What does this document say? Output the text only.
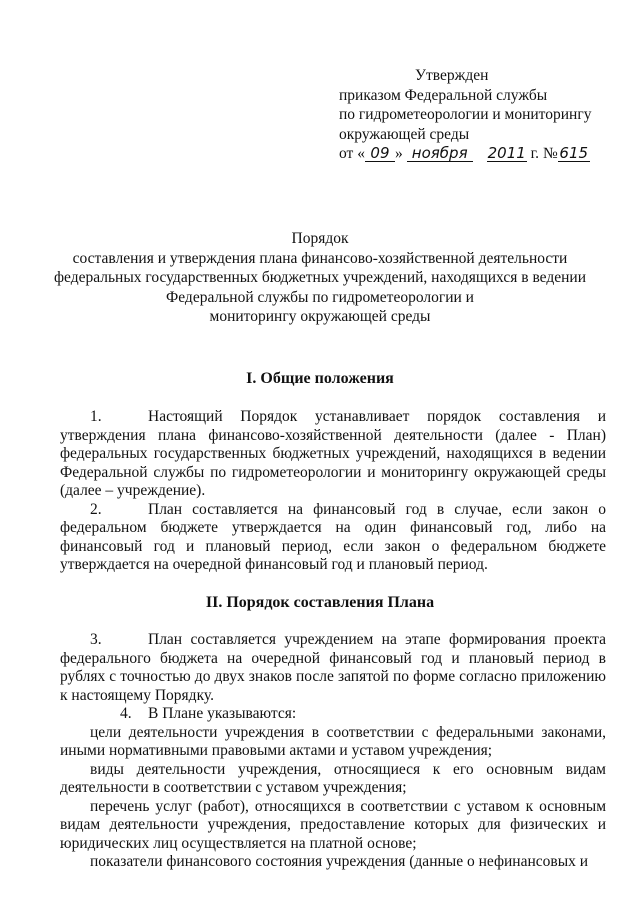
Утвержден
приказом Федеральной службы
по гидрометеорологии и мониторингу
окружающей среды
от « 09 » ноября 2011 г. № 615
Порядок
составления и утверждения плана финансово-хозяйственной деятельности
федеральных государственных бюджетных учреждений, находящихся в ведении
Федеральной службы по гидрометеорологии и
мониторингу окружающей среды
I. Общие положения

1.	Настоящий Порядок устанавливает порядок составления и утверждения плана финансово-хозяйственной деятельности (далее - План) федеральных государственных бюджетных учреждений, находящихся в ведении Федеральной службы по гидрометеорологии и мониторингу окружающей среды (далее – учреждение).

2.	План составляется на финансовый год в случае, если закон о федеральном бюджете утверждается на один финансовый год, либо на финансовый год и плановый период, если закон о федеральном бюджете утверждается на очередной финансовый год и плановый период.

II. Порядок составления Плана

3.	План составляется учреждением на этапе формирования проекта федерального бюджета на очередной финансовый год и плановый период в рублях с точностью до двух знаков после запятой по форме согласно приложению к настоящему Порядку.

4. В Плане указываются:

цели деятельности учреждения в соответствии с федеральными законами, иными нормативными правовыми актами и уставом учреждения;

виды деятельности учреждения, относящиеся к его основным видам деятельности в соответствии с уставом учреждения;

перечень услуг (работ), относящихся в соответствии с уставом к основным видам деятельности учреждения, предоставление которых для физических и юридических лиц осуществляется на платной основе;

показатели финансового состояния учреждения (данные о нефинансовых и
